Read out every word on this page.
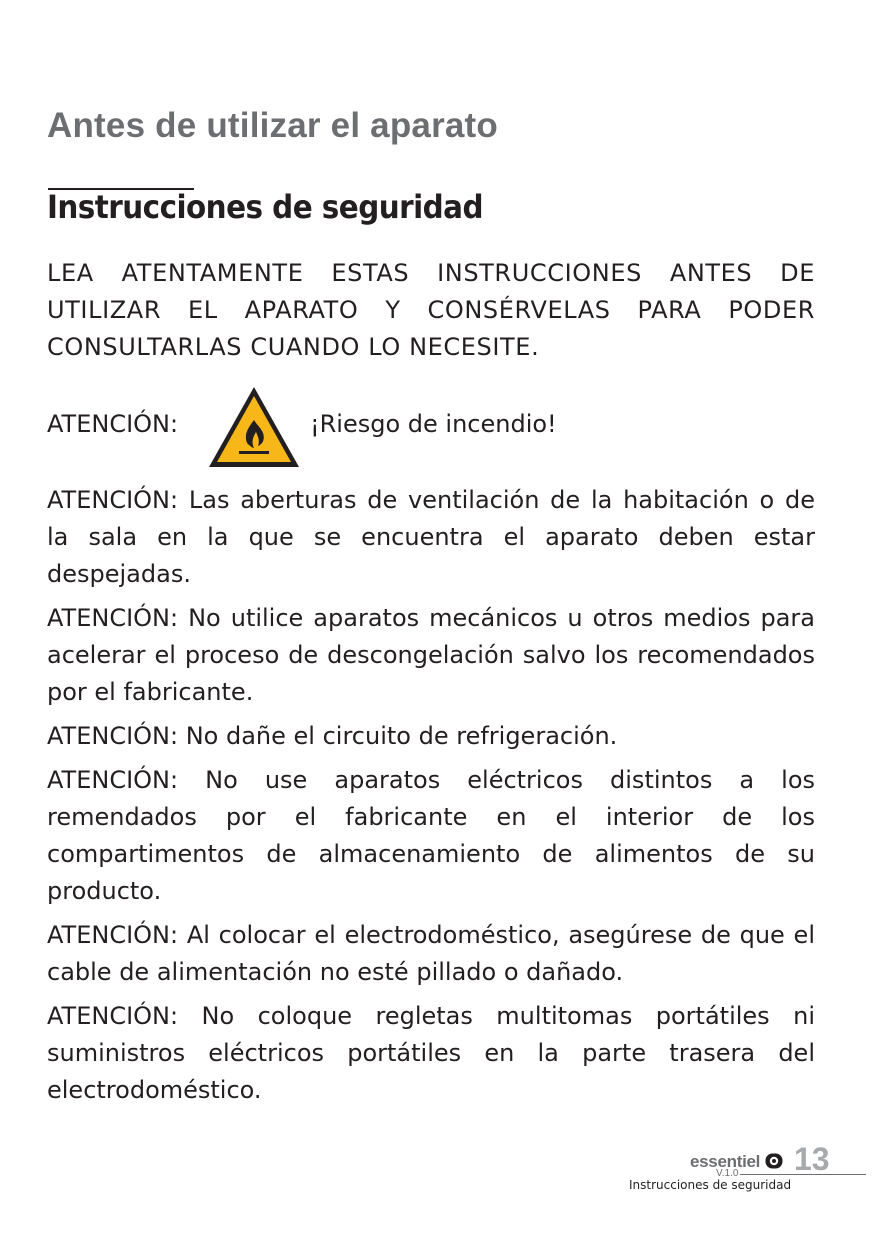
Antes de utilizar el aparato
Instrucciones de seguridad

LEA ATENTAMENTE ESTAS INSTRUCCIONES ANTES DE UTILIZAR EL APARATO Y CONSÉRVELAS PARA PODER CONSULTARLAS CUANDO LO NECESITE.

ATENCIÓN:	¡Riesgo de incendio!

ATENCIÓN: Las aberturas de ventilación de la habitación o de la sala en la que se encuentra el aparato deben estar despejadas.

ATENCIÓN: No utilice aparatos mecánicos u otros medios para acelerar el proceso de descongelación salvo los recomendados por el fabricante.

ATENCIÓN: No dañe el circuito de refrigeración.

ATENCIÓN: No use aparatos eléctricos distintos a los remendados por el fabricante en el interior de los compartimentos de almacenamiento de alimentos de su producto.

ATENCIÓN: Al colocar el electrodoméstico, asegúrese de que el cable de alimentación no esté pillado o dañado.

ATENCIÓN: No coloque regletas multitomas portátiles ni suministros eléctricos portátiles en la parte trasera del electrodoméstico.

essentiel
V.1.0 13
Instrucciones de seguridad
